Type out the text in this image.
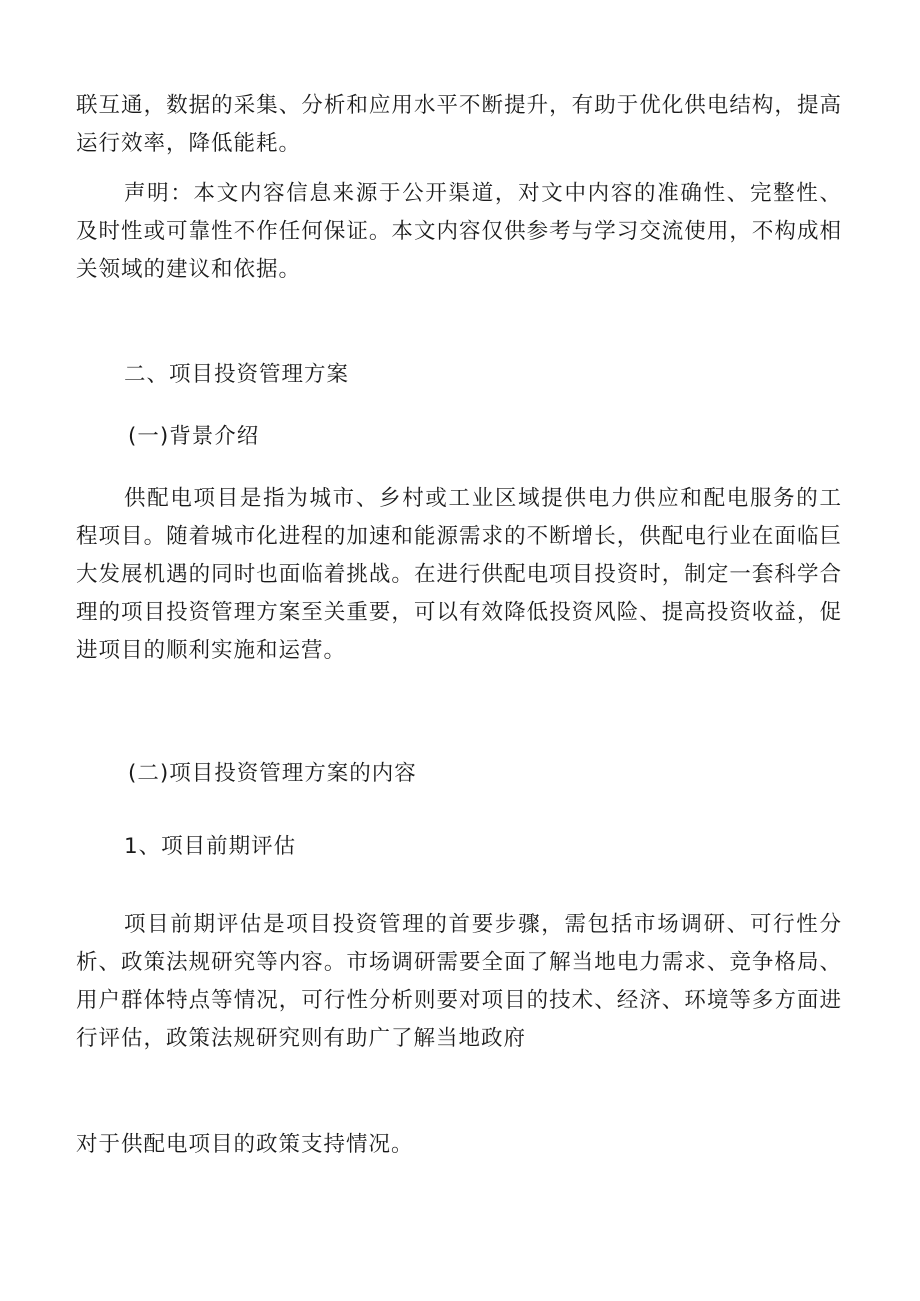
联互通，数据的采集、分析和应用水平不断提升，有助于优化供电结构，提高运行效率，降低能耗。

声明：本文内容信息来源于公开渠道，对文中内容的准确性、完整性、及时性或可靠性不作任何保证。本文内容仅供参考与学习交流使用，不构成相关领域的建议和依据。

二、项目投资管理方案

(一)背景介绍

供配电项目是指为城市、乡村或工业区域提供电力供应和配电服务的工程项目。随着城市化进程的加速和能源需求的不断增长，供配电行业在面临巨大发展机遇的同时也面临着挑战。在进行供配电项目投资时，制定一套科学合理的项目投资管理方案至关重要，可以有效降低投资风险、提高投资收益，促进项目的顺利实施和运营。

(二)项目投资管理方案的内容

1、项目前期评估

项目前期评估是项目投资管理的首要步骤，需包括市场调研、可行性分析、政策法规研究等内容。市场调研需要全面了解当地电力需求、竞争格局、用户群体特点等情况，可行性分析则要对项目的技术、经济、环境等多方面进行评估，政策法规研究则有助广了解当地政府

对于供配电项目的政策支持情况。
